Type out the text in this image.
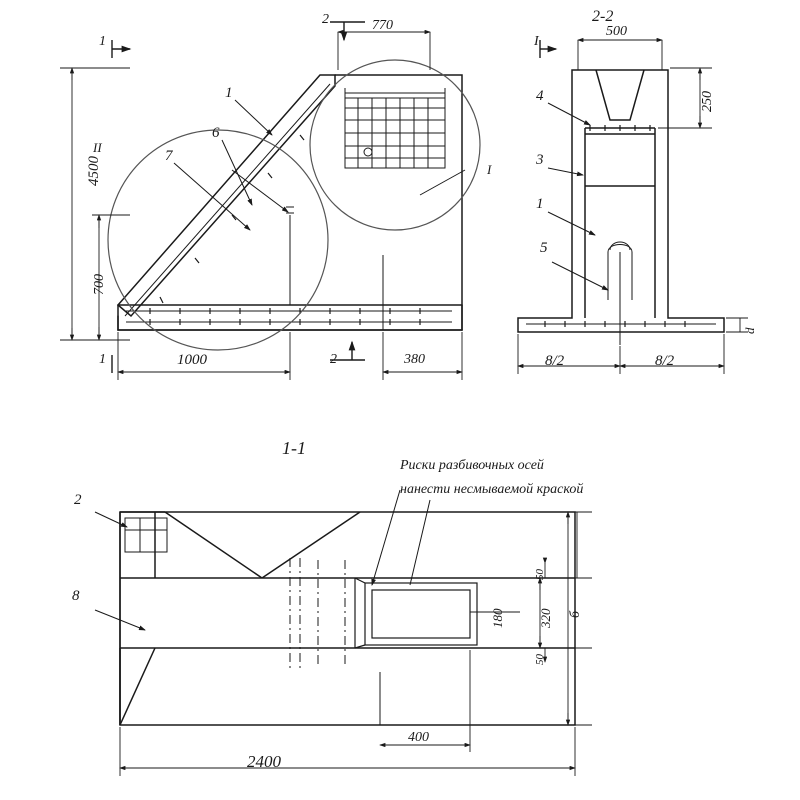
4500
700
770
1000	380
1
6
7
1
1
2
2
I
II
I
2-2
500
250
8/2	8/2
d
4
3
1
5
1-1
Риски разбивочных осей
нанести несмываемой краской
2
8
2400
400
180	320
50
50
б
